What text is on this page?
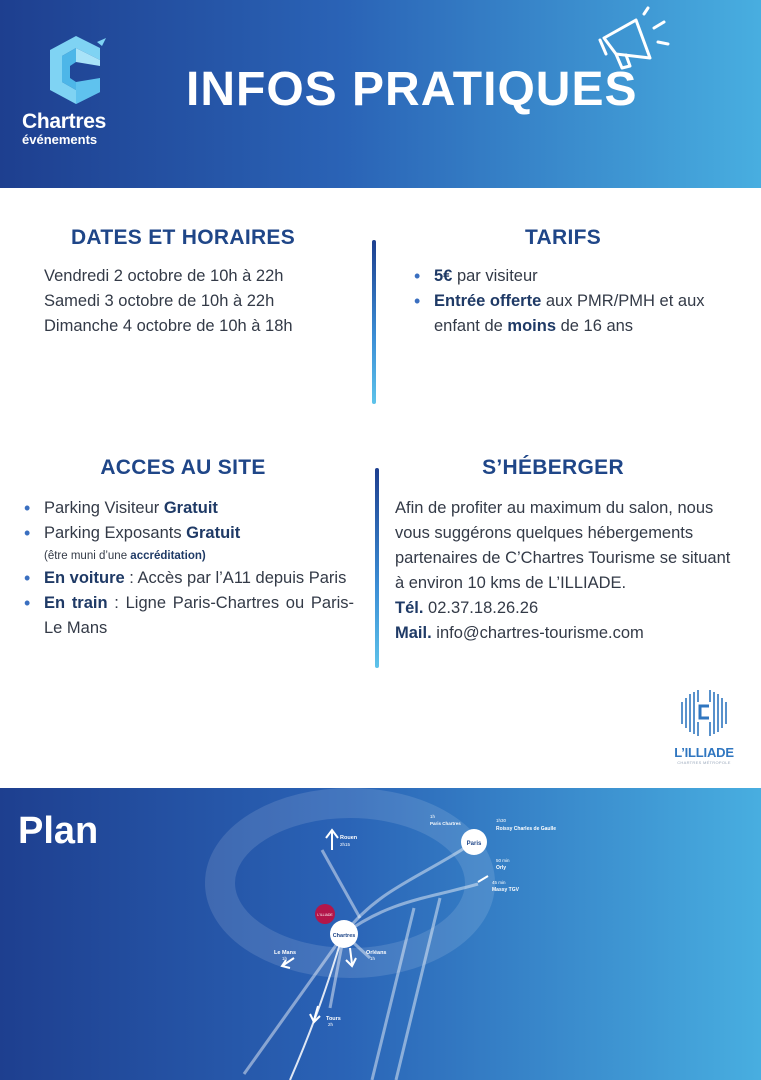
Chartres
événements
INFOS PRATIQUES
DATES ET HORAIRES
Vendredi 2 octobre de 10h à 22h
Samedi 3 octobre de 10h à 22h
Dimanche 4 octobre de 10h à 18h
TARIFS
• 5€ par visiteur
• Entrée offerte aux PMR/PMH et aux enfant de moins de 16 ans
ACCES AU SITE
• Parking Visiteur Gratuit
• Parking Exposants Gratuit
(être muni d’une accréditation)
• En voiture : Accès par l’A11 depuis Paris
• En train : Ligne Paris-Chartres ou Paris-Le Mans
S’HÉBERGER
Afin de profiter au maximum du salon, nous vous suggérons quelques hébergements partenaires de C’Chartres Tourisme se situant à environ 10 kms de L’ILLIADE.
Tél. 02.37.18.26.26
Mail. info@chartres-tourisme.com
L’ILLIADE
CHARTRES MÉTROPOLE
Plan	Paris
Chartres
L’ILLIADE
Rouen
2h15
Le Mans
1h
Orléans
1h
Tours
2h
1h30
Roissy Charles de Gaulle
50 min
Orly
45 min
Massy TGV
1h
Paris Chartres
